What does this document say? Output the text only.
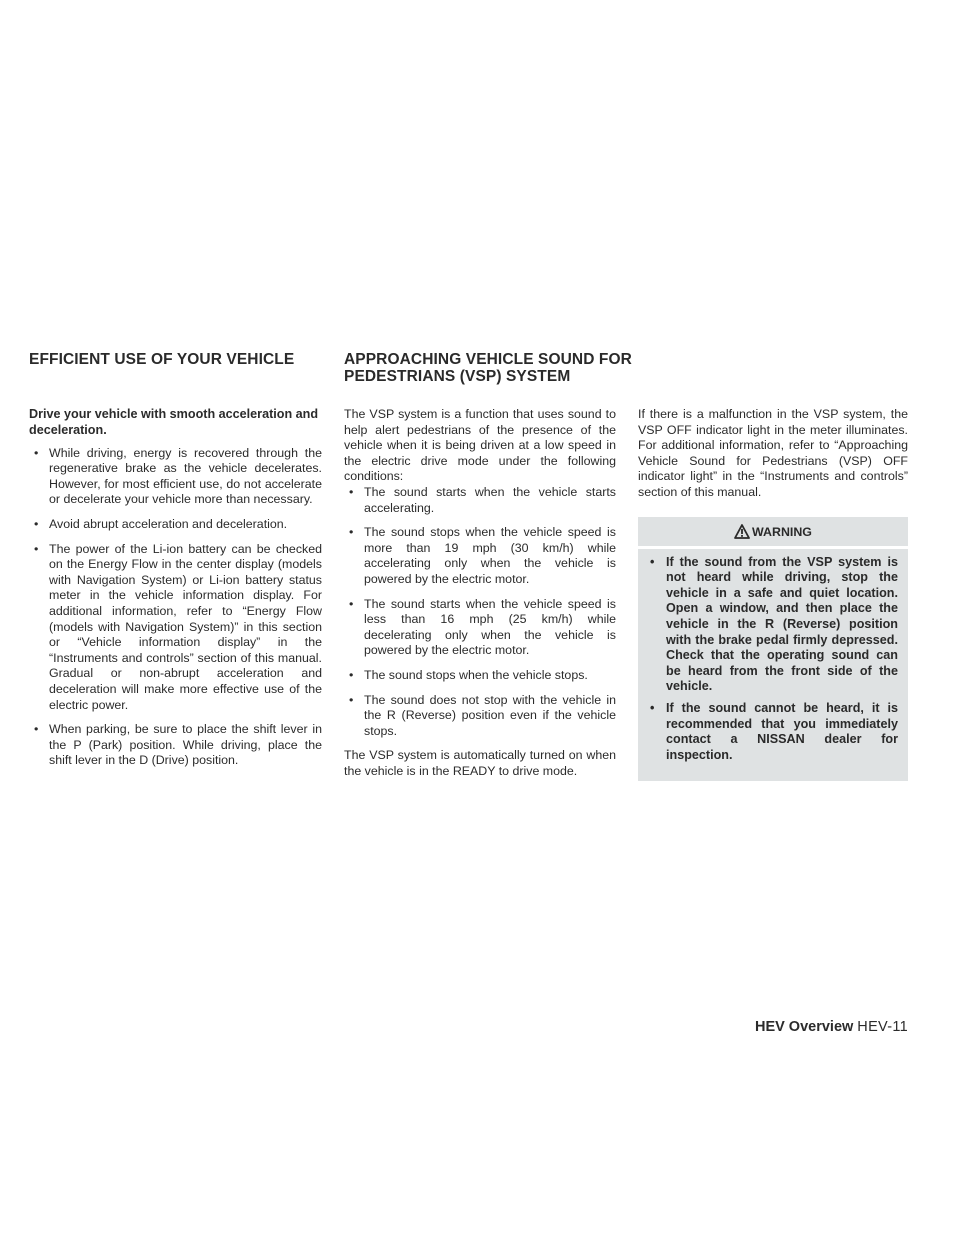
EFFICIENT USE OF YOUR VEHICLE	APPROACHING VEHICLE SOUND FOR PEDESTRIANS (VSP) SYSTEM

Drive your vehicle with smooth acceleration and deceleration.

• While driving, energy is recovered through the regenerative brake as the vehicle decelerates. However, for most efficient use, do not accelerate or decelerate your vehicle more than necessary.
• Avoid abrupt acceleration and deceleration.
• The power of the Li-ion battery can be checked on the Energy Flow in the center display (models with Navigation System) or Li-ion battery status meter in the vehicle information display. For additional information, refer to “Energy Flow (models with Navigation System)” in this section or “Vehicle information display” in the “Instruments and controls” section of this manual. Gradual or non-abrupt acceleration and deceleration will make more effective use of the electric power.
• When parking, be sure to place the shift lever in the P (Park) position. While driving, place the shift lever in the D (Drive) position.

The VSP system is a function that uses sound to help alert pedestrians of the presence of the vehicle when it is being driven at a low speed in the electric drive mode under the following conditions:

• The sound starts when the vehicle starts accelerating.
• The sound stops when the vehicle speed is more than 19 mph (30 km/h) while accelerating only when the vehicle is powered by the electric motor.
• The sound starts when the vehicle speed is less than 16 mph (25 km/h) while decelerating only when the vehicle is powered by the electric motor.
• The sound stops when the vehicle stops.
• The sound does not stop with the vehicle in the R (Reverse) position even if the vehicle stops.

The VSP system is automatically turned on when the vehicle is in the READY to drive mode.

If there is a malfunction in the VSP system, the VSP OFF indicator light in the meter illuminates. For additional information, refer to “Approaching Vehicle Sound for Pedestrians (VSP) OFF indicator light” in the “Instruments and controls” section of this manual.

WARNING
• If the sound from the VSP system is not heard while driving, stop the vehicle in a safe and quiet location. Open a window, and then place the vehicle in the R (Reverse) position with the brake pedal firmly depressed. Check that the operating sound can be heard from the front side of the vehicle.
• If the sound cannot be heard, it is recommended that you immediately contact a NISSAN dealer for inspection.
HEV Overview HEV-11
